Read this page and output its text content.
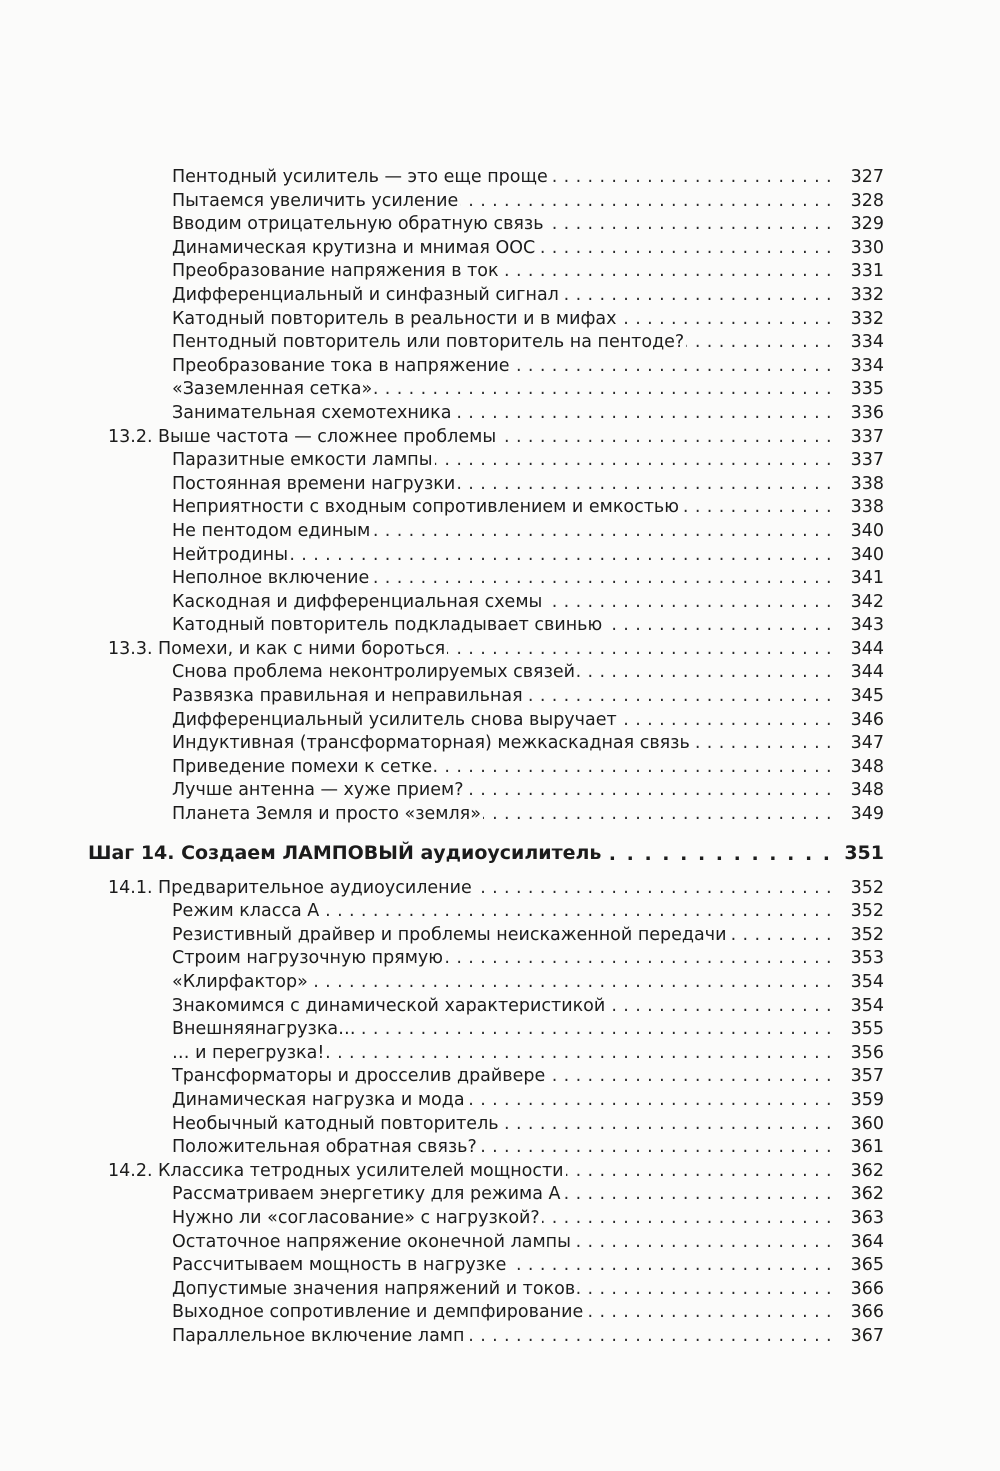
Пентодный усилитель — это еще проще . . .	327
Пытаемся увеличить усиление . . .	328
Вводим отрицательную обратную связь . . .	329
Динамическая крутизна и мнимая ООС . . .	330
Преобразование напряжения в ток . . .	331
Дифференциальный и синфазный сигнал . . .	332
Катодный повторитель в реальности и в мифах . . .	332
Пентодный повторитель или повторитель на пентоде? . . .	334
Преобразование тока в напряжение . . .	334
«Заземленная сетка» . . .	335
Занимательная схемотехника . . .	336
13.2. Выше частота — сложнее проблемы . . .	337
Паразитные емкости лампы . . .	337
Постоянная времени нагрузки . . .	338
Неприятности с входным сопротивлением и емкостью . . .	338
Не пентодом единым . . .	340
Нейтродины . . .	340
Неполное включение . . .	341
Каскодная и дифференциальная схемы . . .	342
Катодный повторитель подкладывает свинью . . .	343
13.3. Помехи, и как с ними бороться . . .	344
Снова проблема неконтролируемых связей . . .	344
Развязка правильная и неправильная . . .	345
Дифференциальный усилитель снова выручает . . .	346
Индуктивная (трансформаторная) межкаскадная связь . . .	347
Приведение помехи к сетке . . .	348
Лучше антенна — хуже прием? . . .	348
Планета Земля и просто «земля» . . .	349
Шаг 14. Создаем ЛАМПОВЫЙ аудиоусилитель . . .	351
14.1. Предварительное аудиоусиление . . .	352
Режим класса А . . .	352
Резистивный драйвер и проблемы неискаженной передачи . . .	352
Строим нагрузочную прямую . . .	353
«Клирфактор» . . .	354
Знакомимся с динамической характеристикой . . .	354
Внешняянагрузка… . . .	355
… и перегрузка! . . .	356
Трансформаторы и дросселив драйвере . . .	357
Динамическая нагрузка и мода . . .	359
Необычный катодный повторитель . . .	360
Положительная обратная связь? . . .	361
14.2. Классика тетродных усилителей мощности . . .	362
Рассматриваем энергетику для режима А . . .	362
Нужно ли «согласование» с нагрузкой? . . .	363
Остаточное напряжение оконечной лампы . . .	364
Рассчитываем мощность в нагрузке . . .	365
Допустимые значения напряжений и токов . . .	366
Выходное сопротивление и демпфирование . . .	366
Параллельное включение ламп . . .	367
